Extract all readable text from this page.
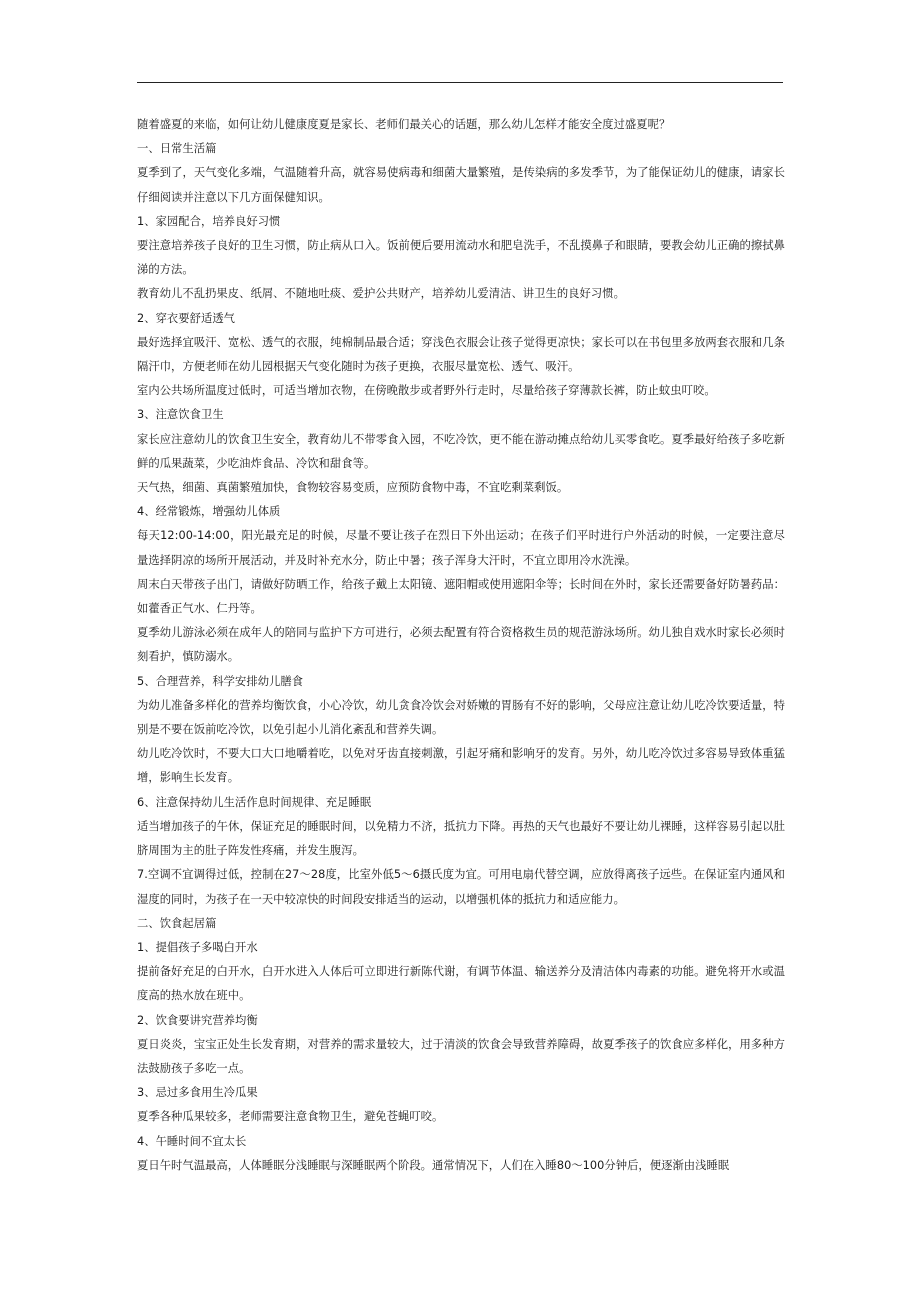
随着盛夏的来临，如何让幼儿健康度夏是家长、老师们最关心的话题，那么幼儿怎样才能安全度过盛夏呢？

一、日常生活篇

夏季到了，天气变化多端，气温随着升高，就容易使病毒和细菌大量繁殖，是传染病的多发季节，为了能保证幼儿的健康，请家长仔细阅读并注意以下几方面保健知识。

1、家园配合，培养良好习惯

要注意培养孩子良好的卫生习惯，防止病从口入。饭前便后要用流动水和肥皂洗手，不乱摸鼻子和眼睛，要教会幼儿正确的擦拭鼻涕的方法。

教育幼儿不乱扔果皮、纸屑、不随地吐痰、爱护公共财产，培养幼儿爱清洁、讲卫生的良好习惯。

2、穿衣要舒适透气

最好选择宜吸汗、宽松、透气的衣服，纯棉制品最合适；穿浅色衣服会让孩子觉得更凉快；家长可以在书包里多放两套衣服和几条隔汗巾，方便老师在幼儿园根据天气变化随时为孩子更换，衣服尽量宽松、透气、吸汗。

室内公共场所温度过低时，可适当增加衣物，在傍晚散步或者野外行走时，尽量给孩子穿薄款长裤，防止蚊虫叮咬。

3、注意饮食卫生

家长应注意幼儿的饮食卫生安全，教育幼儿不带零食入园，不吃冷饮，更不能在游动摊点给幼儿买零食吃。夏季最好给孩子多吃新鲜的瓜果蔬菜，少吃油炸食品、冷饮和甜食等。

天气热，细菌、真菌繁殖加快，食物较容易变质，应预防食物中毒，不宜吃剩菜剩饭。

4、经常锻炼，增强幼儿体质

每天12:00-14:00，阳光最充足的时候，尽量不要让孩子在烈日下外出运动；在孩子们平时进行户外活动的时候，一定要注意尽量选择阴凉的场所开展活动，并及时补充水分，防止中暑；孩子浑身大汗时，不宜立即用冷水洗澡。

周末白天带孩子出门，请做好防晒工作，给孩子戴上太阳镜、遮阳帽或使用遮阳伞等；长时间在外时，家长还需要备好防暑药品：如藿香正气水、仁丹等。

夏季幼儿游泳必须在成年人的陪同与监护下方可进行，必须去配置有符合资格救生员的规范游泳场所。幼儿独自戏水时家长必须时刻看护，慎防溺水。

5、合理营养，科学安排幼儿膳食

为幼儿准备多样化的营养均衡饮食，小心冷饮，幼儿贪食冷饮会对娇嫩的胃肠有不好的影响，父母应注意让幼儿吃冷饮要适量，特别是不要在饭前吃冷饮，以免引起小儿消化紊乱和营养失调。

幼儿吃冷饮时，不要大口大口地嚼着吃，以免对牙齿直接刺激，引起牙痛和影响牙的发育。另外，幼儿吃冷饮过多容易导致体重猛增，影响生长发育。

6、注意保持幼儿生活作息时间规律、充足睡眠

适当增加孩子的午休，保证充足的睡眠时间，以免精力不济，抵抗力下降。再热的天气也最好不要让幼儿裸睡，这样容易引起以肚脐周围为主的肚子阵发性疼痛，并发生腹泻。

7.空调不宜调得过低，控制在27～28度，比室外低5～6摄氏度为宜。可用电扇代替空调，应放得离孩子远些。在保证室内通风和湿度的同时，为孩子在一天中较凉快的时间段安排适当的运动，以增强机体的抵抗力和适应能力。

二、饮食起居篇

1、提倡孩子多喝白开水

提前备好充足的白开水，白开水进入人体后可立即进行新陈代谢，有调节体温、输送养分及清洁体内毒素的功能。避免将开水或温度高的热水放在班中。

2、饮食要讲究营养均衡

夏日炎炎，宝宝正处生长发育期，对营养的需求量较大，过于清淡的饮食会导致营养障碍，故夏季孩子的饮食应多样化，用多种方法鼓励孩子多吃一点。

3、忌过多食用生冷瓜果

夏季各种瓜果较多，老师需要注意食物卫生，避免苍蝇叮咬。

4、午睡时间不宜太长

夏日午时气温最高，人体睡眠分浅睡眠与深睡眠两个阶段。通常情况下，人们在入睡80～100分钟后，便逐渐由浅睡眠
